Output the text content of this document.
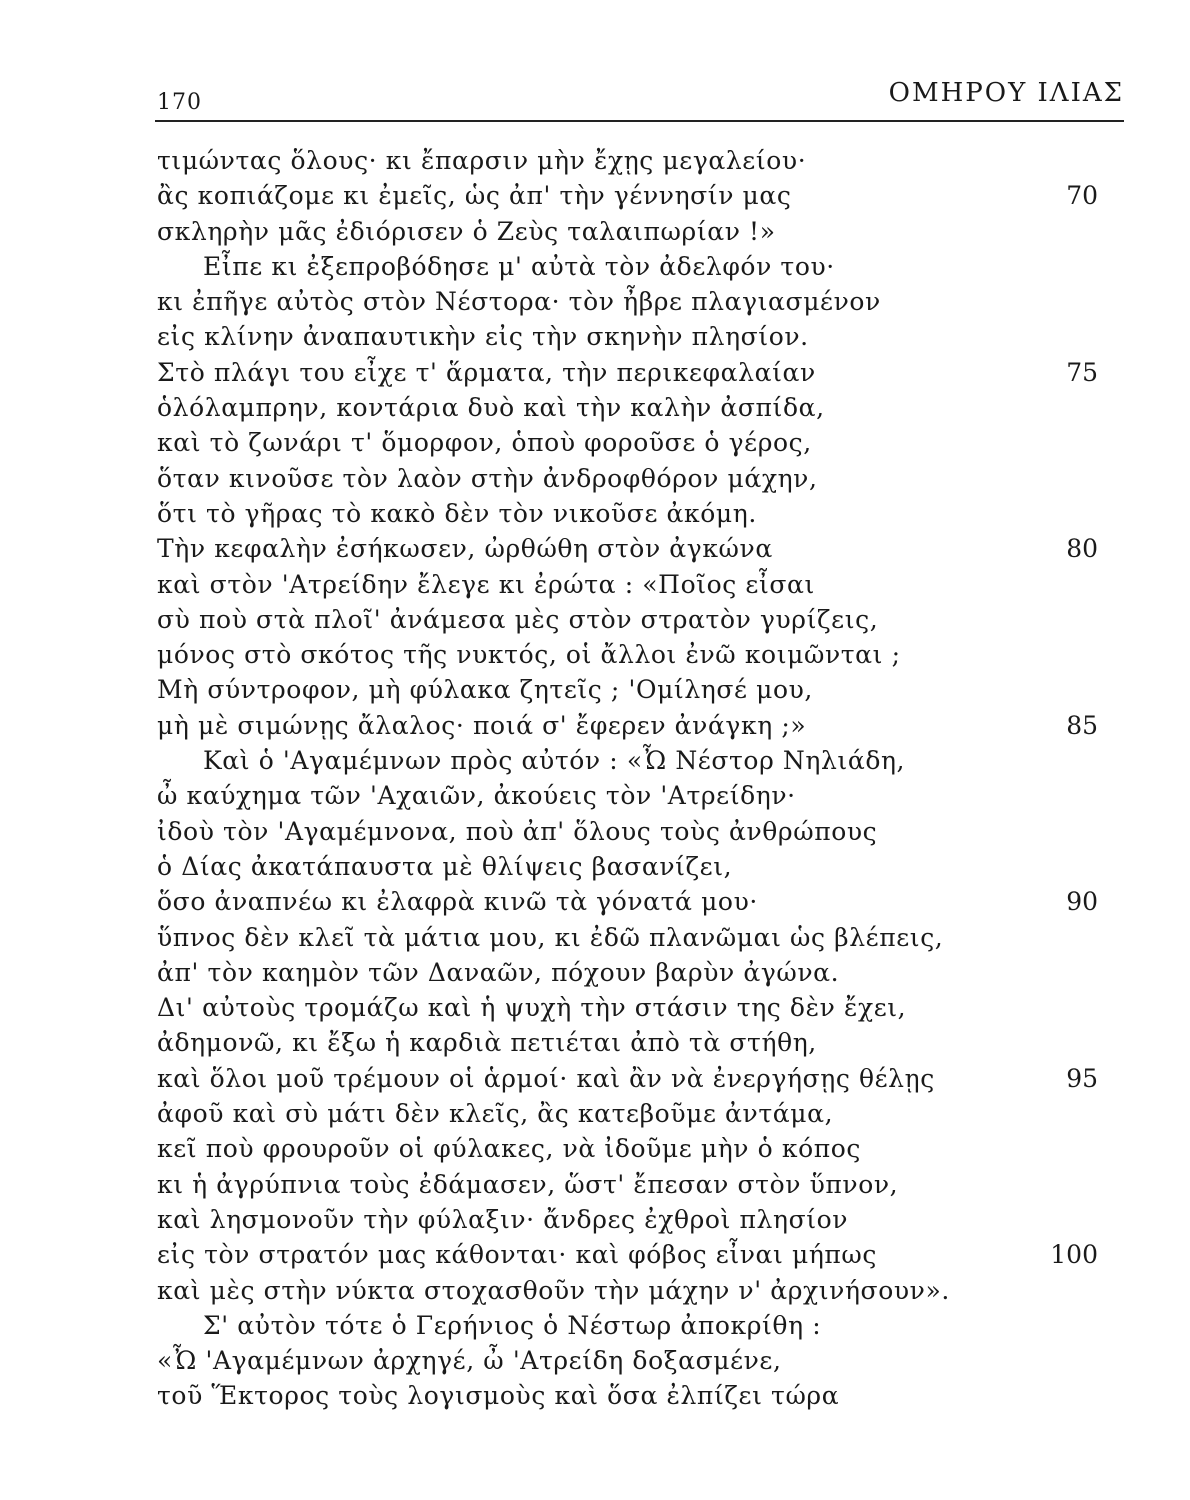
170	ΟΜΗΡΟΥ ΙΛΙΑΣ
τιμώντας ὅλους· κι ἔπαρσιν μὴν ἔχῃς μεγαλείου·
ἂς κοπιάζομε κι ἐμεῖς, ὡς ἀπ' τὴν γέννησίν μας
σκληρὴν μᾶς ἐδιόρισεν ὁ Ζεὺς ταλαιπωρίαν !»
Εἶπε κι ἐξεπροβόδησε μ' αὐτὰ τὸν ἀδελφόν του·
κι ἐπῆγε αὐτὸς στὸν Νέστορα· τὸν ἦβρε πλαγιασμένον
εἰς κλίνην ἀναπαυτικὴν εἰς τὴν σκηνὴν πλησίον.
Στὸ πλάγι του εἶχε τ' ἅρματα, τὴν περικεφαλαίαν
ὁλόλαμπρην, κοντάρια δυὸ καὶ τὴν καλὴν ἀσπίδα,
καὶ τὸ ζωνάρι τ' ὅμορφον, ὁποὺ φοροῦσε ὁ γέρος,
ὅταν κινοῦσε τὸν λαὸν στὴν ἀνδροφθόρον μάχην,
ὅτι τὸ γῆρας τὸ κακὸ δὲν τὸν νικοῦσε ἀκόμη.
Τὴν κεφαλὴν ἐσήκωσεν, ὠρθώθη στὸν ἀγκώνα
καὶ στὸν 'Ατρείδην ἔλεγε κι ἐρώτα : «Ποῖος εἶσαι
σὺ ποὺ στὰ πλοῖ' ἀνάμεσα μὲς στὸν στρατὸν γυρίζεις,
μόνος στὸ σκότος τῆς νυκτός, οἱ ἄλλοι ἐνῶ κοιμῶνται ;
Μὴ σύντροφον, μὴ φύλακα ζητεῖς ; 'Ομίλησέ μου,
μὴ μὲ σιμώνῃς ἄλαλος· ποιά σ' ἔφερεν ἀνάγκη ;»
Καὶ ὁ 'Αγαμέμνων πρὸς αὐτόν : «Ὦ Νέστορ Νηλιάδη,
ὦ καύχημα τῶν 'Αχαιῶν, ἀκούεις τὸν 'Ατρείδην·
ἰδοὺ τὸν 'Αγαμέμνονα, ποὺ ἀπ' ὅλους τοὺς ἀνθρώπους
ὁ Δίας ἀκατάπαυστα μὲ θλίψεις βασανίζει,
ὅσο ἀναπνέω κι ἐλαφρὰ κινῶ τὰ γόνατά μου·
ὕπνος δὲν κλεῖ τὰ μάτια μου, κι ἐδῶ πλανῶμαι ὡς βλέπεις,
ἀπ' τὸν καημὸν τῶν Δαναῶν, πόχουν βαρὺν ἀγώνα.
Δι' αὐτοὺς τρομάζω καὶ ἡ ψυχὴ τὴν στάσιν της δὲν ἔχει,
ἀδημονῶ, κι ἔξω ἡ καρδιὰ πετιέται ἀπὸ τὰ στήθη,
καὶ ὅλοι μοῦ τρέμουν οἱ ἁρμοί· καὶ ἂν νὰ ἐνεργήσῃς θέλῃς
ἀφοῦ καὶ σὺ μάτι δὲν κλεῖς, ἂς κατεβοῦμε ἀντάμα,
κεῖ ποὺ φρουροῦν οἱ φύλακες, νὰ ἰδοῦμε μὴν ὁ κόπος
κι ἡ ἀγρύπνια τοὺς ἐδάμασεν, ὥστ' ἔπεσαν στὸν ὕπνον,
καὶ λησμονοῦν τὴν φύλαξιν· ἄνδρες ἐχθροὶ πλησίον
εἰς τὸν στρατόν μας κάθονται· καὶ φόβος εἶναι μήπως
καὶ μὲς στὴν νύκτα στοχασθοῦν τὴν μάχην ν' ἀρχινήσουν».
Σ' αὐτὸν τότε ὁ Γερήνιος ὁ Νέστωρ ἀποκρίθη :
«Ὦ 'Αγαμέμνων ἀρχηγέ, ὦ 'Ατρείδη δοξασμένε,
τοῦ Ἕκτορος τοὺς λογισμοὺς καὶ ὅσα ἐλπίζει τώρα
70
75
80
85
90
95
100
